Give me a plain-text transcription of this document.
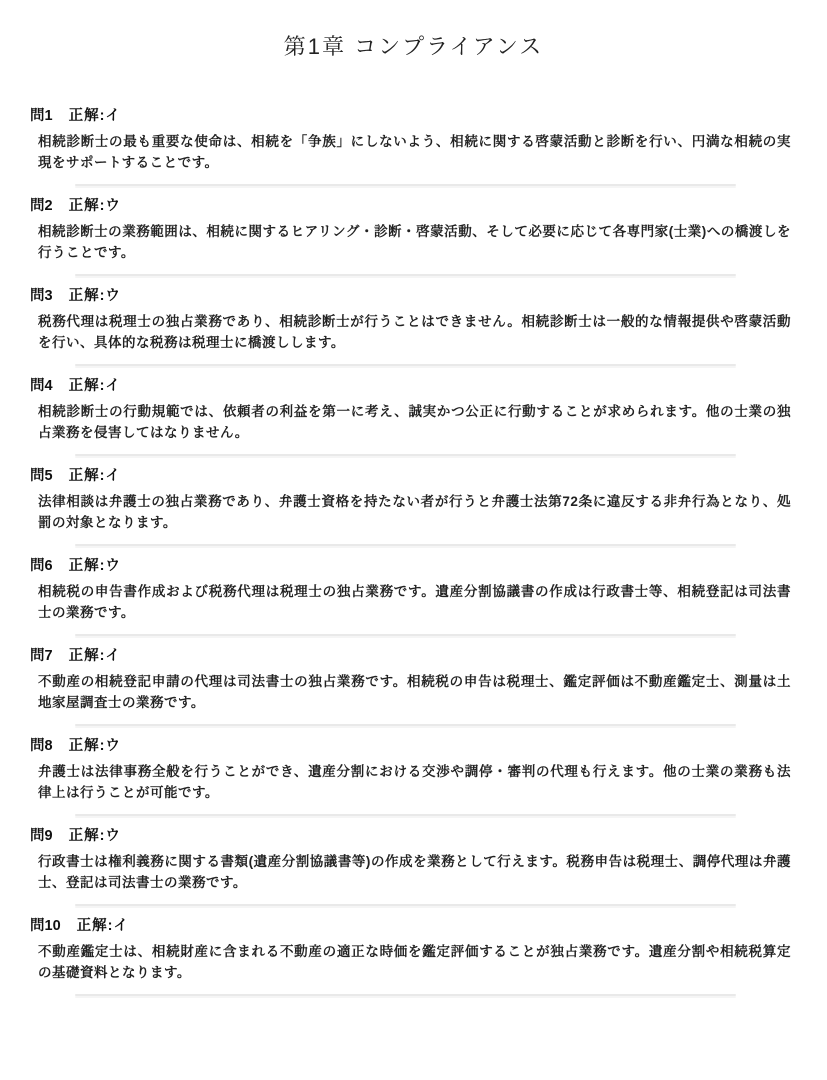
第1章 コンプライアンス
問1 正解:イ

相続診断士の最も重要な使命は、相続を「争族」にしないよう、相続に関する啓蒙活動と診断を行い、円満な相続の実現をサポートすることです。

問2 正解:ウ

相続診断士の業務範囲は、相続に関するヒアリング・診断・啓蒙活動、そして必要に応じて各専門家(士業)への橋渡しを行うことです。

問3 正解:ウ

税務代理は税理士の独占業務であり、相続診断士が行うことはできません。相続診断士は一般的な情報提供や啓蒙活動を行い、具体的な税務は税理士に橋渡しします。

問4 正解:イ

相続診断士の行動規範では、依頼者の利益を第一に考え、誠実かつ公正に行動することが求められます。他の士業の独占業務を侵害してはなりません。

問5 正解:イ

法律相談は弁護士の独占業務であり、弁護士資格を持たない者が行うと弁護士法第72条に違反する非弁行為となり、処罰の対象となります。

問6 正解:ウ

相続税の申告書作成および税務代理は税理士の独占業務です。遺産分割協議書の作成は行政書士等、相続登記は司法書士の業務です。

問7 正解:イ

不動産の相続登記申請の代理は司法書士の独占業務です。相続税の申告は税理士、鑑定評価は不動産鑑定士、測量は土地家屋調査士の業務です。

問8 正解:ウ

弁護士は法律事務全般を行うことができ、遺産分割における交渉や調停・審判の代理も行えます。他の士業の業務も法律上は行うことが可能です。

問9 正解:ウ

行政書士は権利義務に関する書類(遺産分割協議書等)の作成を業務として行えます。税務申告は税理士、調停代理は弁護士、登記は司法書士の業務です。

問10 正解:イ

不動産鑑定士は、相続財産に含まれる不動産の適正な時価を鑑定評価することが独占業務です。遺産分割や相続税算定の基礎資料となります。
